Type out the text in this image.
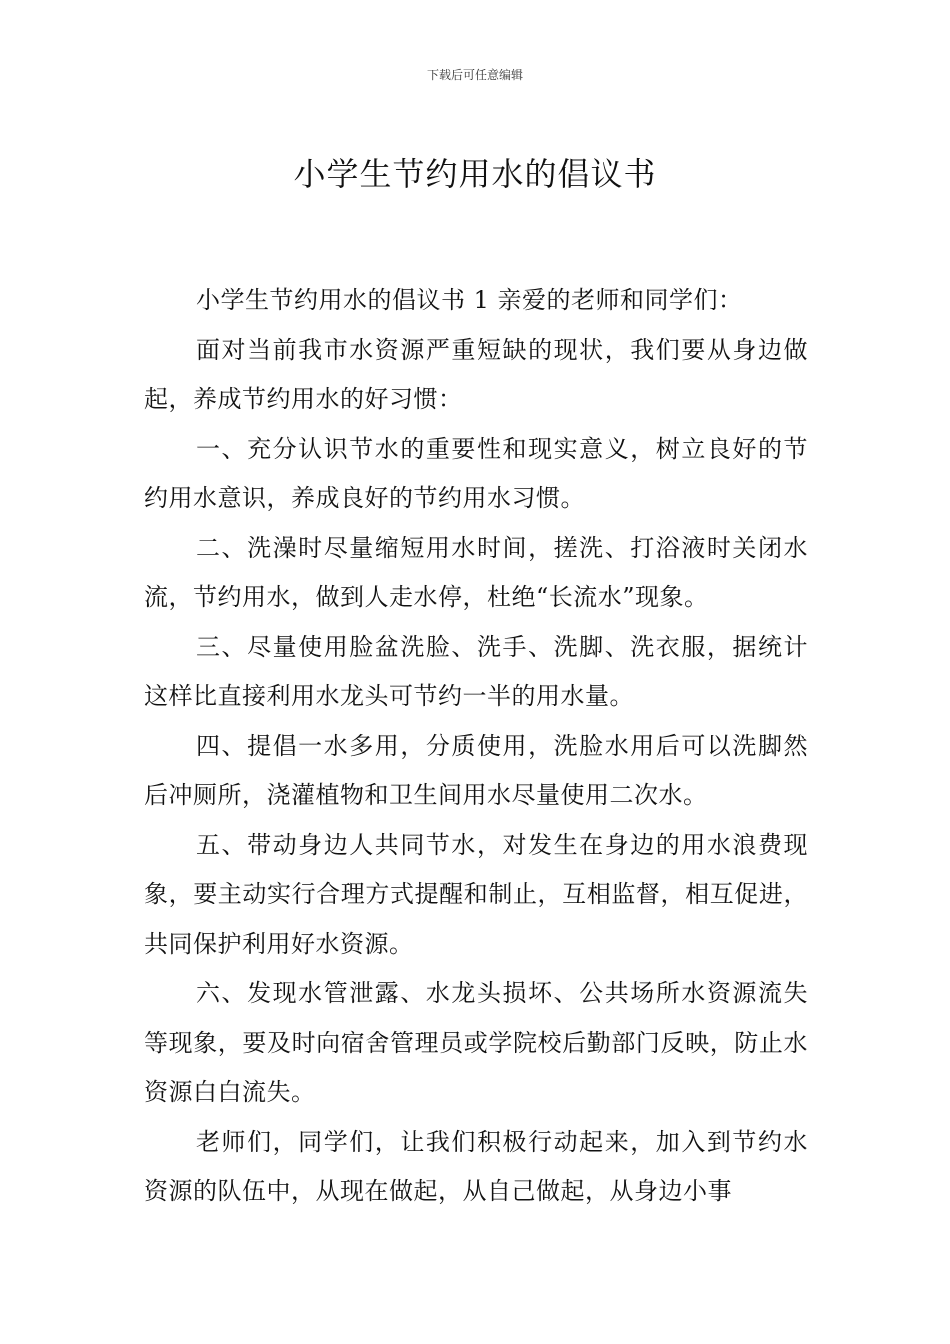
下载后可任意编辑
小学生节约用水的倡议书

小学生节约用水的倡议书 1 亲爱的老师和同学们：

面对当前我市水资源严重短缺的现状，我们要从身边做起，养成节约用水的好习惯：

一、充分认识节水的重要性和现实意义，树立良好的节约用水意识，养成良好的节约用水习惯。

二、洗澡时尽量缩短用水时间，搓洗、打浴液时关闭水流，节约用水，做到人走水停，杜绝“长流水”现象。

三、尽量使用脸盆洗脸、洗手、洗脚、洗衣服，据统计这样比直接利用水龙头可节约一半的用水量。

四、提倡一水多用，分质使用，洗脸水用后可以洗脚然后冲厕所，浇灌植物和卫生间用水尽量使用二次水。

五、带动身边人共同节水，对发生在身边的用水浪费现象，要主动实行合理方式提醒和制止，互相监督，相互促进，共同保护利用好水资源。

六、发现水管泄露、水龙头损坏、公共场所水资源流失等现象，要及时向宿舍管理员或学院校后勤部门反映，防止水资源白白流失。

老师们，同学们，让我们积极行动起来，加入到节约水资源的队伍中，从现在做起，从自己做起，从身边小事
